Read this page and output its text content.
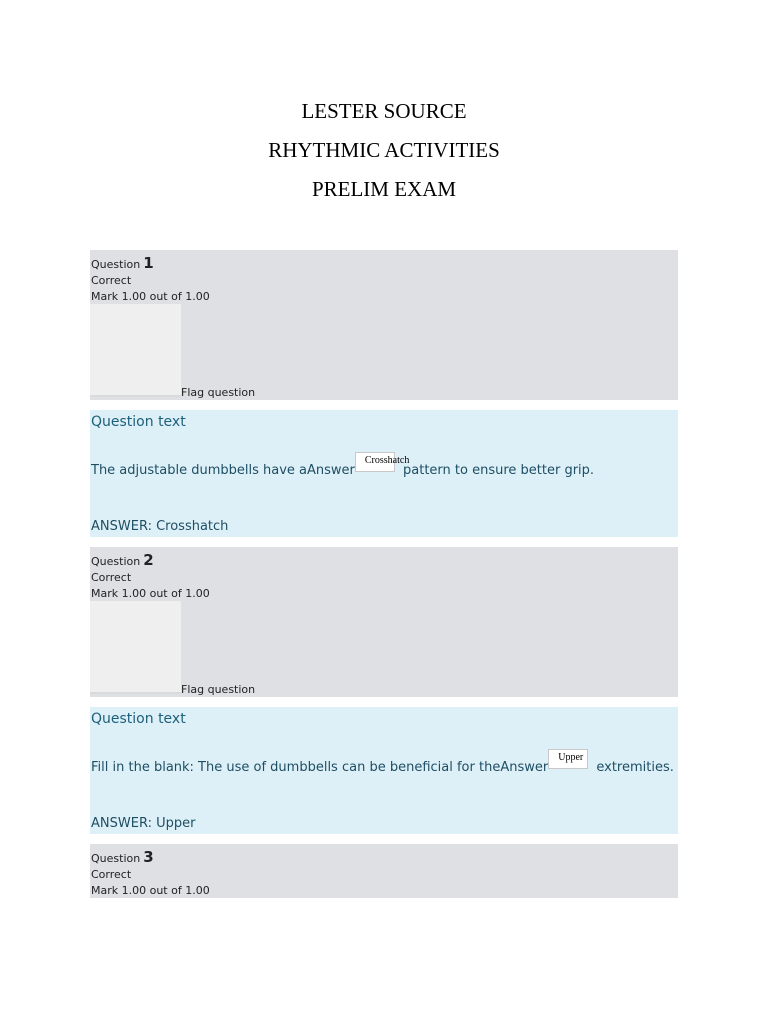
LESTER SOURCE
RHYTHMIC ACTIVITIES
PRELIM EXAM
Question 1
Correct
Mark 1.00 out of 1.00
Flag question
Question text
The adjustable dumbbells have aAnswerCrosshatch pattern to ensure better grip.
ANSWER: Crosshatch
Question 2
Correct
Mark 1.00 out of 1.00
Flag question
Question text
Fill in the blank: The use of dumbbells can be beneficial for theAnswerUpper extremities.
ANSWER: Upper
Question 3
Correct
Mark 1.00 out of 1.00
